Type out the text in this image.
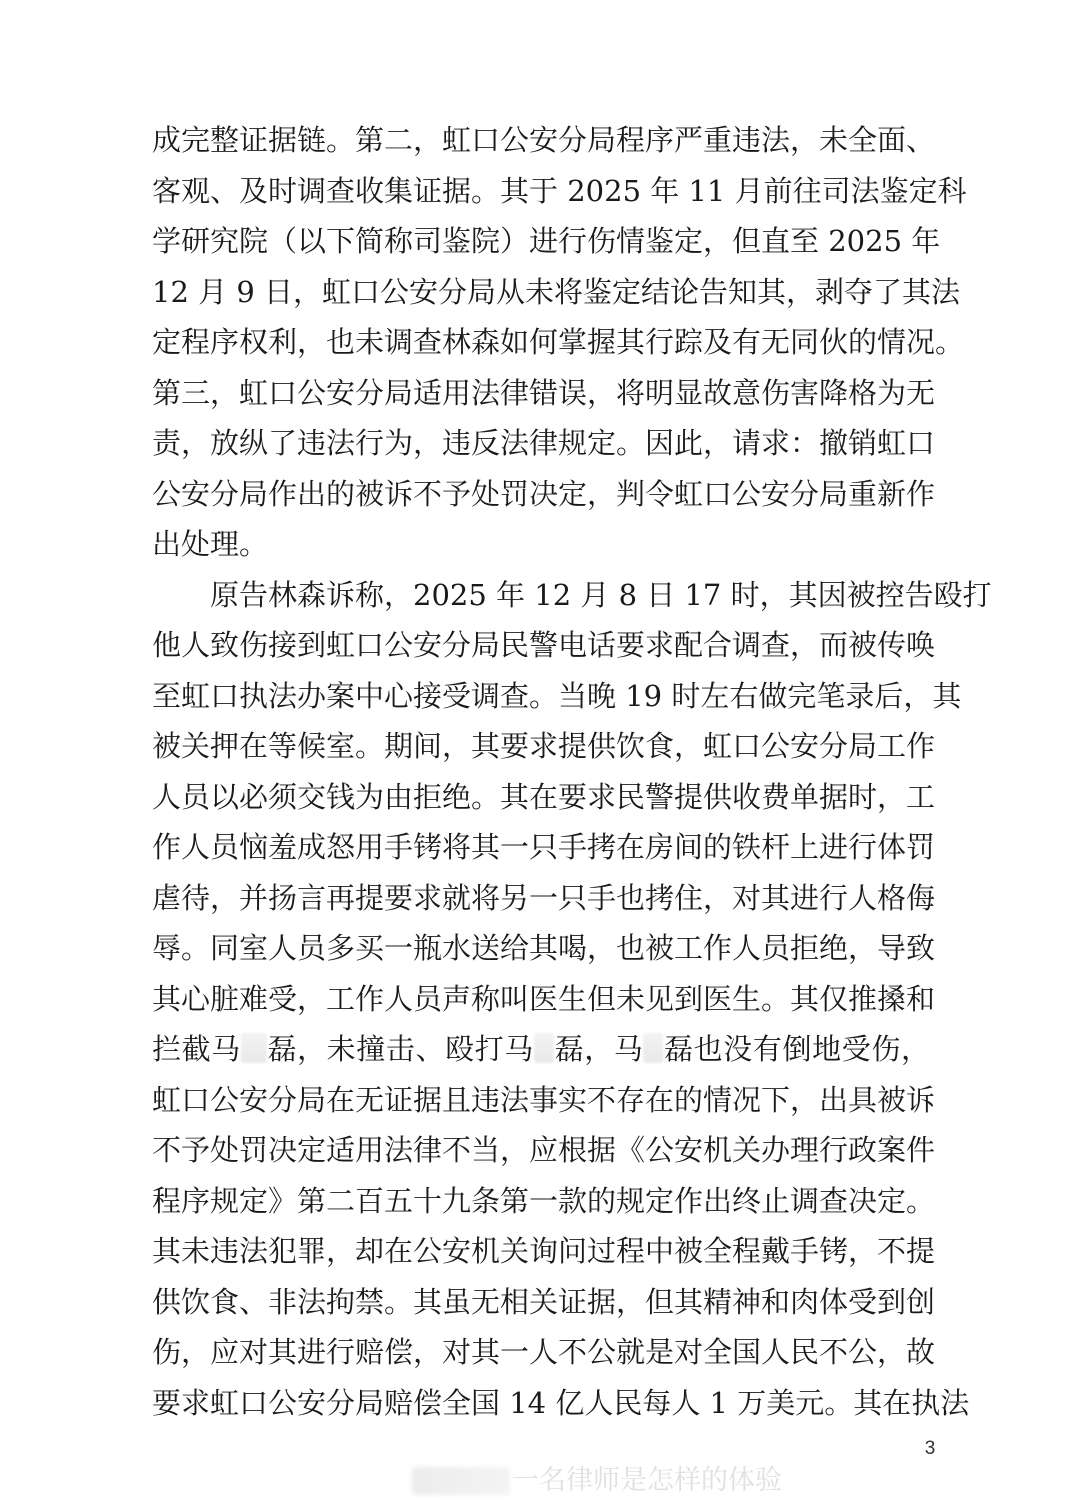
成完整证据链。第二，虹口公安分局程序严重违法，未全面、
客观、及时调查收集证据。其于 2025 年 11 月前往司法鉴定科
学研究院（以下简称司鉴院）进行伤情鉴定，但直至 2025 年
12 月 9 日，虹口公安分局从未将鉴定结论告知其，剥夺了其法
定程序权利，也未调查林森如何掌握其行踪及有无同伙的情况。
第三，虹口公安分局适用法律错误，将明显故意伤害降格为无
责，放纵了违法行为，违反法律规定。因此，请求：撤销虹口
公安分局作出的被诉不予处罚决定，判令虹口公安分局重新作
出处理。
原告林森诉称，2025 年 12 月 8 日 17 时，其因被控告殴打
他人致伤接到虹口公安分局民警电话要求配合调查，而被传唤
至虹口执法办案中心接受调查。当晚 19 时左右做完笔录后，其
被关押在等候室。期间，其要求提供饮食，虹口公安分局工作
人员以必须交钱为由拒绝。其在要求民警提供收费单据时，工
作人员恼羞成怒用手铐将其一只手拷在房间的铁杆上进行体罚
虐待，并扬言再提要求就将另一只手也拷住，对其进行人格侮
辱。同室人员多买一瓶水送给其喝，也被工作人员拒绝，导致
其心脏难受，工作人员声称叫医生但未见到医生。其仅推搡和
拦截马 磊，未撞击、殴打马 磊，马 磊也没有倒地受伤，
虹口公安分局在无证据且违法事实不存在的情况下，出具被诉
不予处罚决定适用法律不当，应根据《公安机关办理行政案件
程序规定》第二百五十九条第一款的规定作出终止调查决定。
其未违法犯罪，却在公安机关询问过程中被全程戴手铐，不提
供饮食、非法拘禁。其虽无相关证据，但其精神和肉体受到创
伤，应对其进行赔偿，对其一人不公就是对全国人民不公，故
要求虹口公安分局赔偿全国 14 亿人民每人 1 万美元。其在执法
3
一名律师是怎样的体验
